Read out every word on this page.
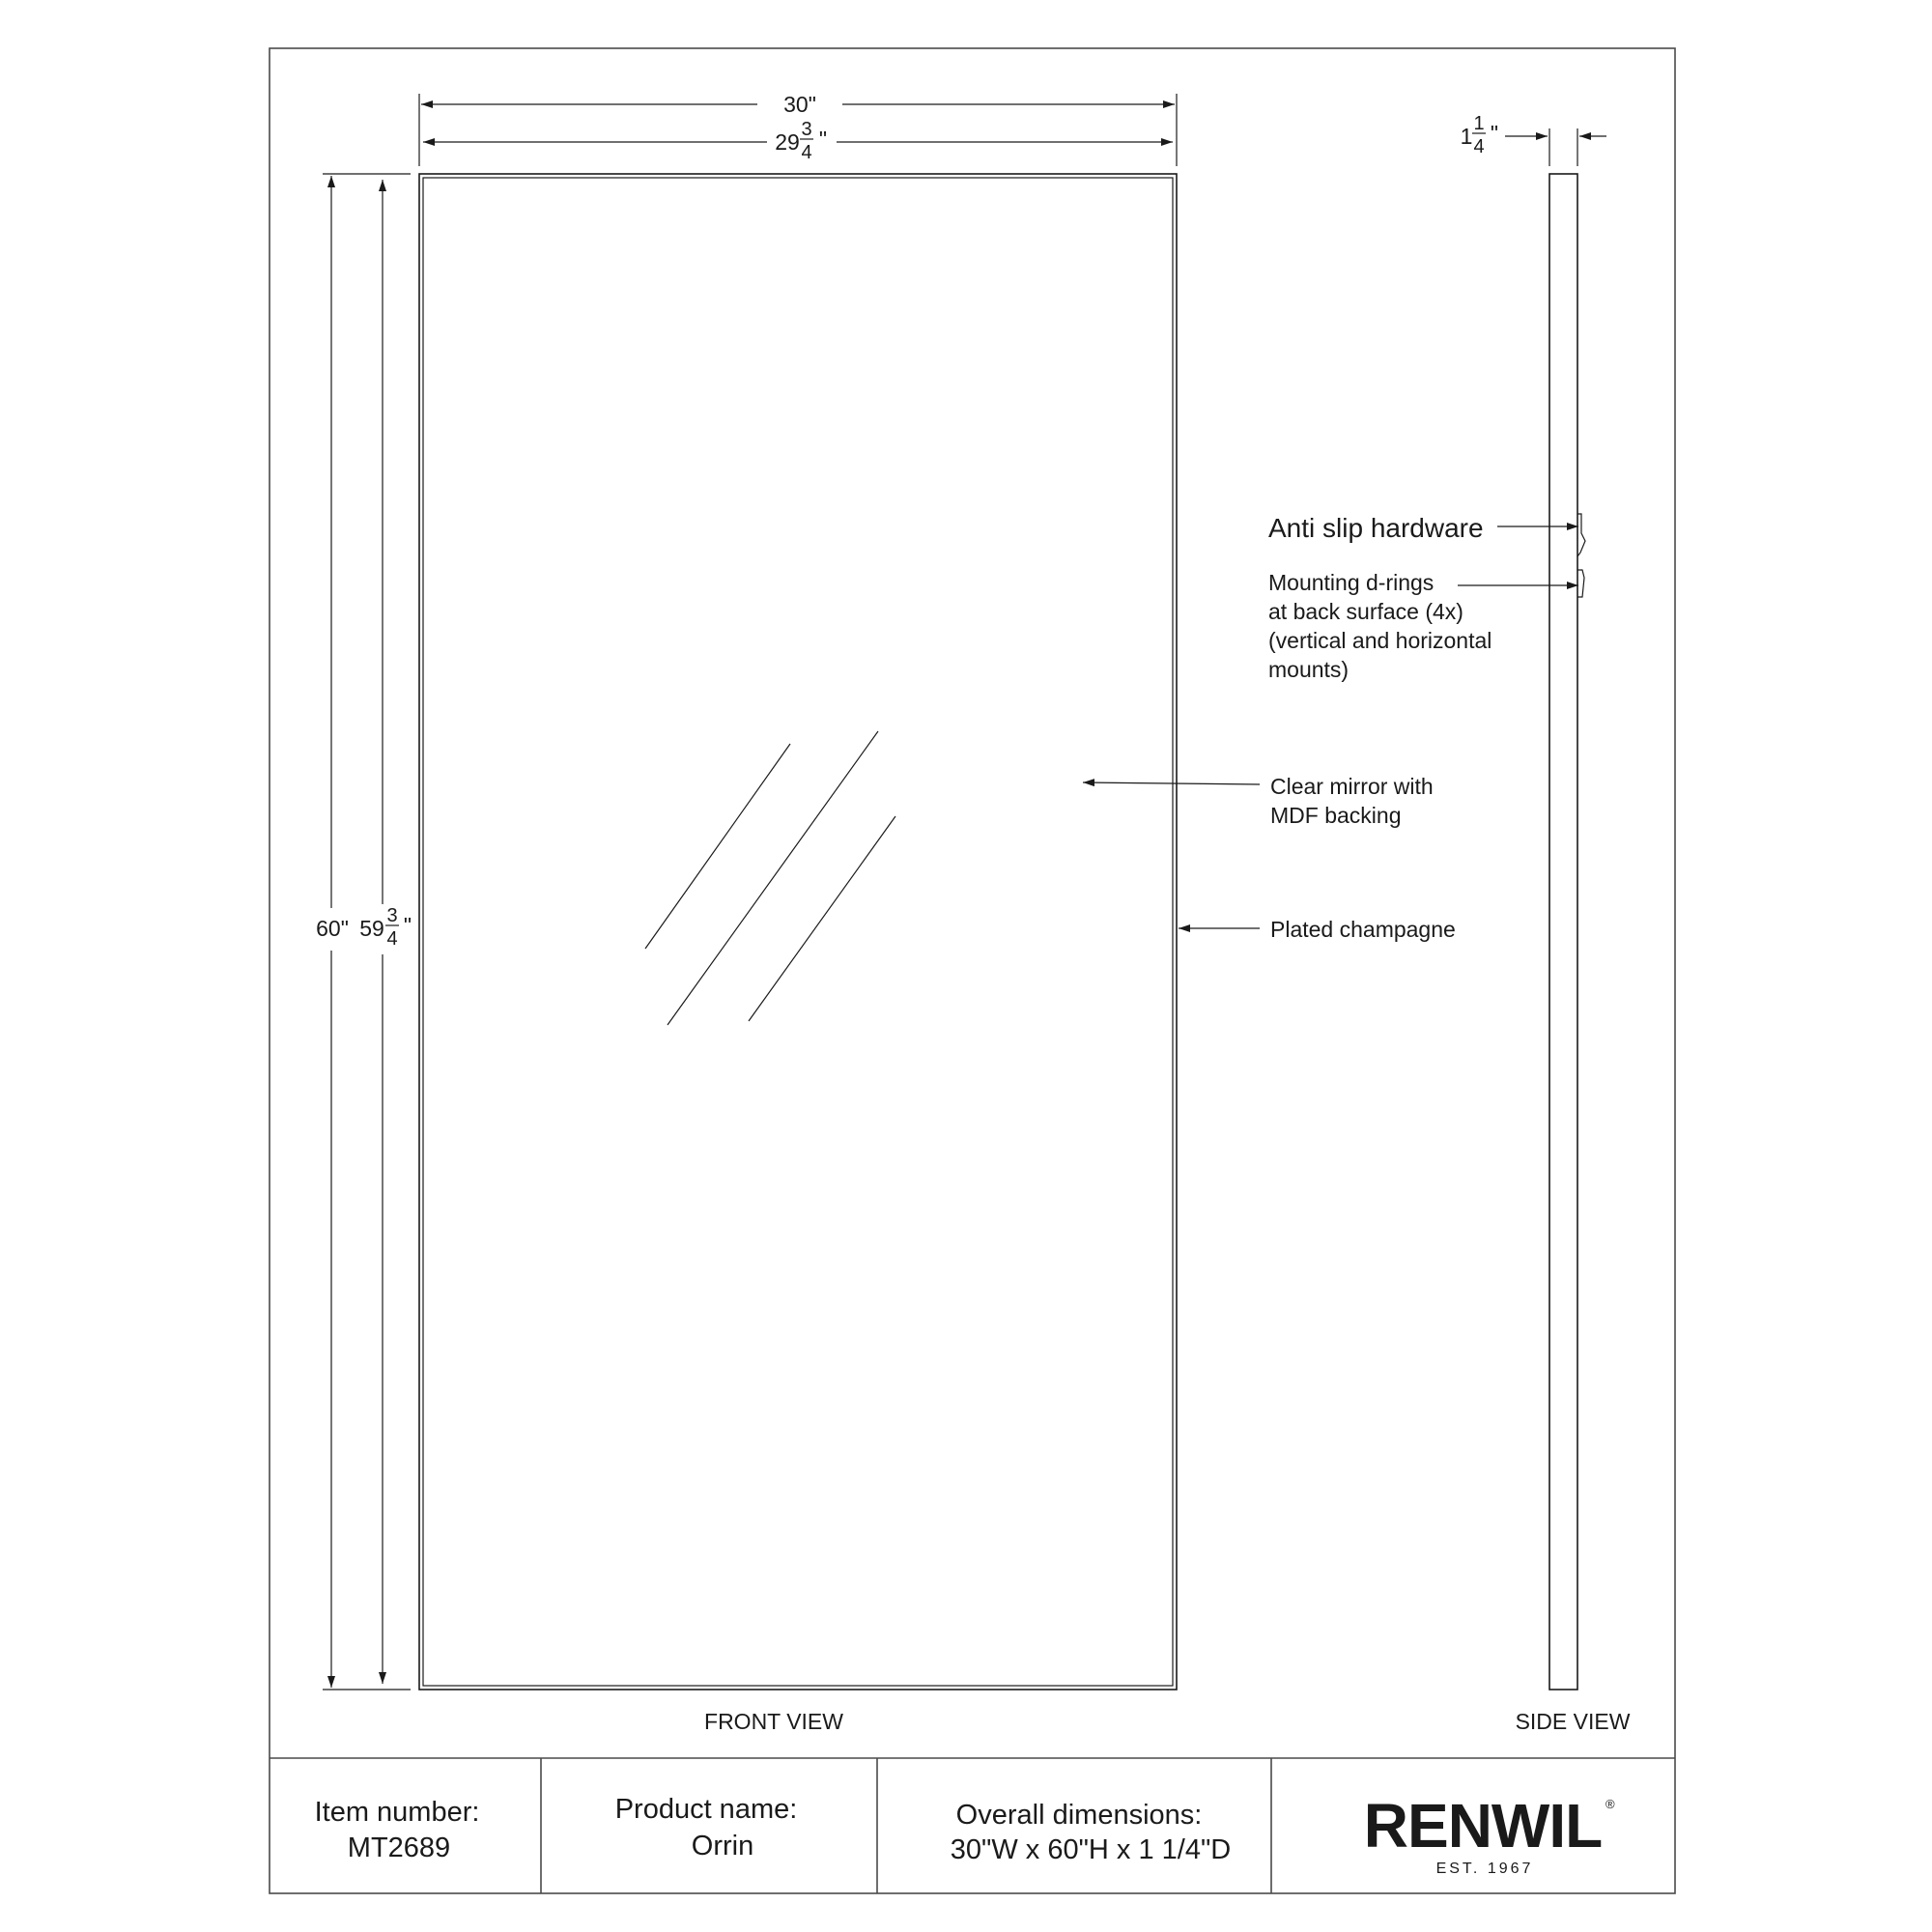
30"
29 3
4
"
60" 59 3
4
"
1 1
4
"
Anti slip hardware
Mounting d-rings
at back surface (4x)
(vertical and horizontal
mounts)
Clear mirror with
MDF backing
Plated champagne
FRONT VIEW	SIDE VIEW
Item number:
MT2689
Product name:
Orrin
Overall dimensions:
30"W x 60"H x 1 1/4"D RENWIL ®
EST. 1967
